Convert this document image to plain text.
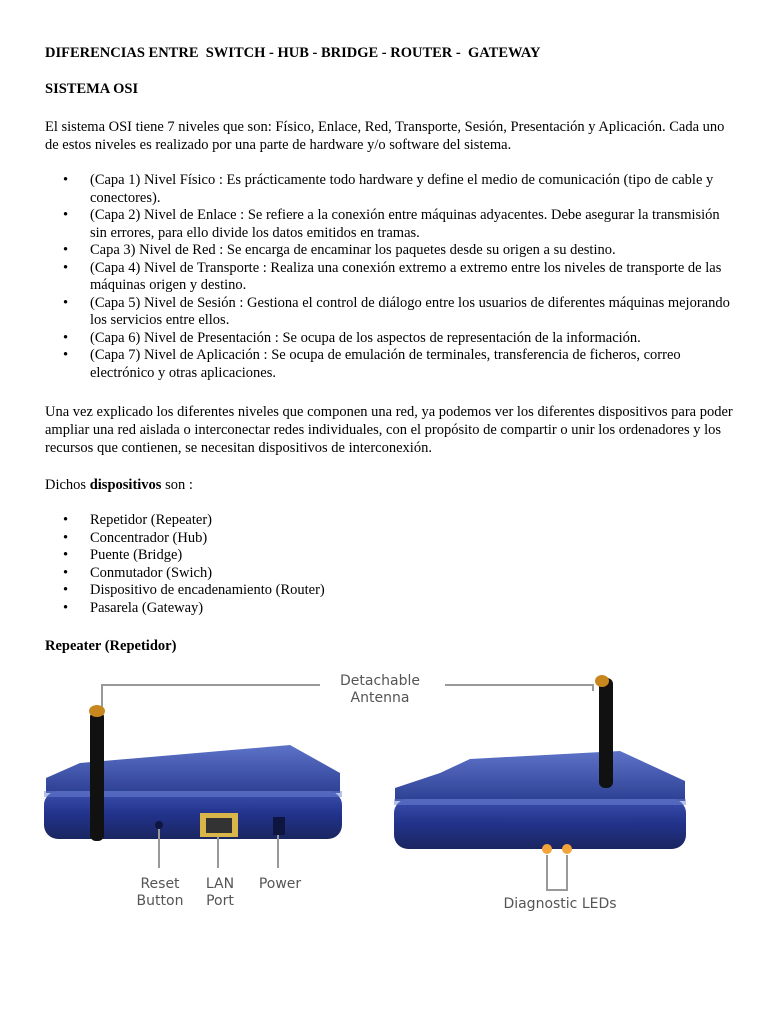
DIFERENCIAS ENTRE  SWITCH - HUB - BRIDGE - ROUTER -  GATEWAY
SISTEMA OSI
El sistema OSI tiene 7 niveles que son: Físico, Enlace, Red, Transporte, Sesión, Presentación y Aplicación. Cada uno de estos niveles es realizado por una parte de hardware y/o software del sistema.
• (Capa 1) Nivel Físico : Es prácticamente todo hardware y define el medio de comunicación (tipo de cable y conectores).
• (Capa 2) Nivel de Enlace : Se refiere a la conexión entre máquinas adyacentes. Debe asegurar la transmisión sin errores, para ello divide los datos emitidos en tramas.
• Capa 3) Nivel de Red : Se encarga de encaminar los paquetes desde su origen a su destino.
• (Capa 4) Nivel de Transporte : Realiza una conexión extremo a extremo entre los niveles de transporte de las máquinas origen y destino.
• (Capa 5) Nivel de Sesión : Gestiona el control de diálogo entre los usuarios de diferentes máquinas mejorando los servicios entre ellos.
• (Capa 6) Nivel de Presentación : Se ocupa de los aspectos de representación de la información.
• (Capa 7) Nivel de Aplicación : Se ocupa de emulación de terminales, transferencia de ficheros, correo electrónico y otras aplicaciones.
Una vez explicado los diferentes niveles que componen una red, ya podemos ver los diferentes dispositivos para poder ampliar una red aislada o interconectar redes individuales, con el propósito de compartir o unir los ordenadores y los recursos que contienen, se necesitan dispositivos de interconexión.
Dichos dispositivos son :
• Repetidor (Repeater)
• Concentrador (Hub)
• Puente (Bridge)
• Conmutador (Swich)
• Dispositivo de encadenamiento (Router)
• Pasarela (Gateway)
Repeater (Repetidor)
Detachable
Antenna
Reset
Button
LAN
Port
Power
Diagnostic LEDs
